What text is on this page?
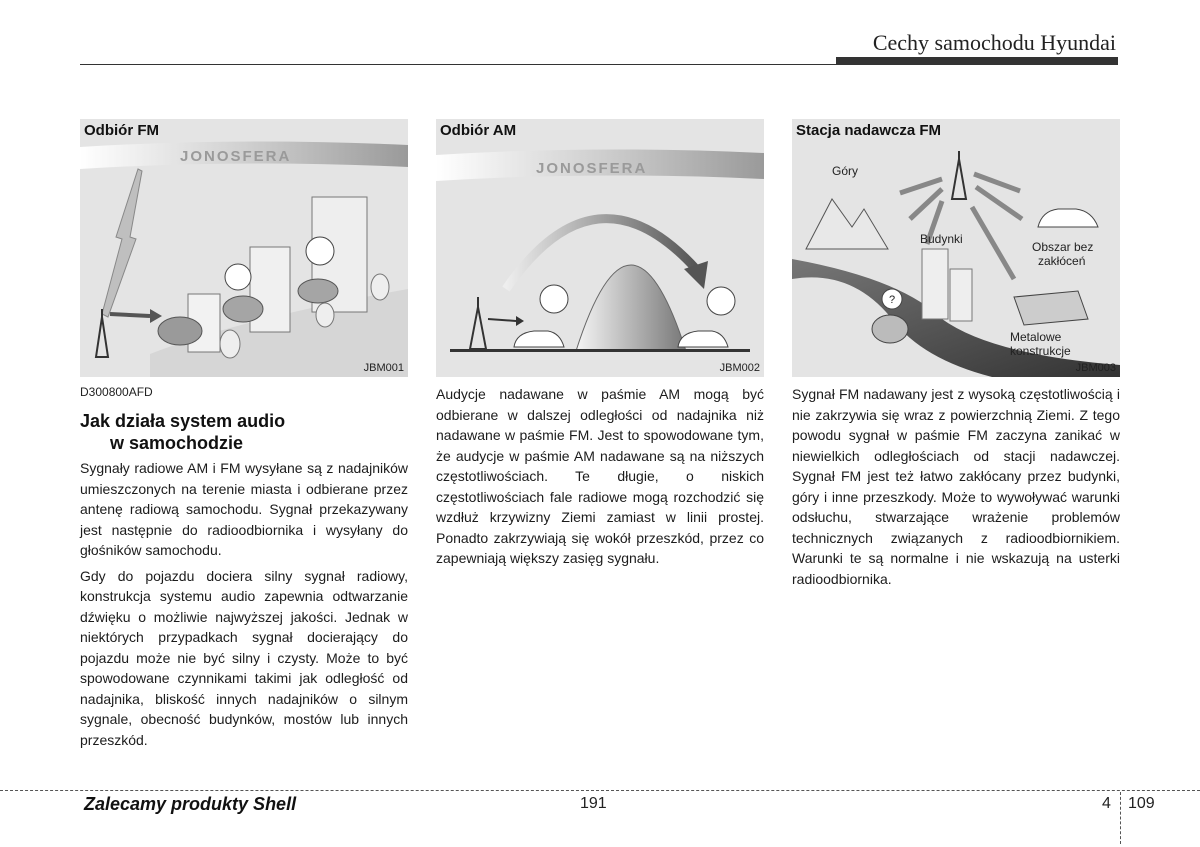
Cechy samochodu Hyundai
JONOSFERA
Odbiór FM
JBM001
JONOSFERA
Odbiór AM
JBM002
Góry
Obszar bez
zakłóceń
Budynki
Metalowe
konstrukcje
?
Stacja nadawcza FM
JBM003
D300800AFD
Jak działa system audio
w samochodzie

Sygnały radiowe AM i FM wysyłane są z nadajników umieszczonych na terenie miasta i odbierane przez antenę radiową samochodu. Sygnał przekazywany jest następnie do radioodbiornika i wysyłany do głośników samochodu.

Gdy do pojazdu dociera silny sygnał radiowy, konstrukcja systemu audio zapewnia odtwarzanie dźwięku o możliwie najwyższej jakości. Jednak w niektórych przypadkach sygnał docierający do pojazdu może nie być silny i czysty. Może to być spowodowane czynnikami takimi jak odległość od nadajnika, bliskość innych nadajników o silnym sygnale, obecność budynków, mostów lub innych przeszkód.

Audycje nadawane w paśmie AM mogą być odbierane w dalszej odległości od nadajnika niż nadawane w paśmie FM. Jest to spowodowane tym, że audycje w paśmie AM nadawane są na niższych częstotliwościach. Te długie, o niskich częstotliwościach fale radiowe mogą rozchodzić się wzdłuż krzywizny Ziemi zamiast w linii prostej. Ponadto zakrzywiają się wokół przeszkód, przez co zapewniają większy zasięg sygnału.

Sygnał FM nadawany jest z wysoką częstotliwością i nie zakrzywia się wraz z powierzchnią Ziemi. Z tego powodu sygnał w paśmie FM zaczyna zanikać w niewielkich odległościach od stacji nadawczej. Sygnał FM jest też łatwo zakłócany przez budynki, góry i inne przeszkody. Może to wywoływać warunki odsłuchu, stwarzające wrażenie problemów technicznych związanych z radioodbiornikiem. Warunki te są normalne i nie wskazują na usterki radioodbiornika.

Zalecamy produkty Shell	191	4 109
